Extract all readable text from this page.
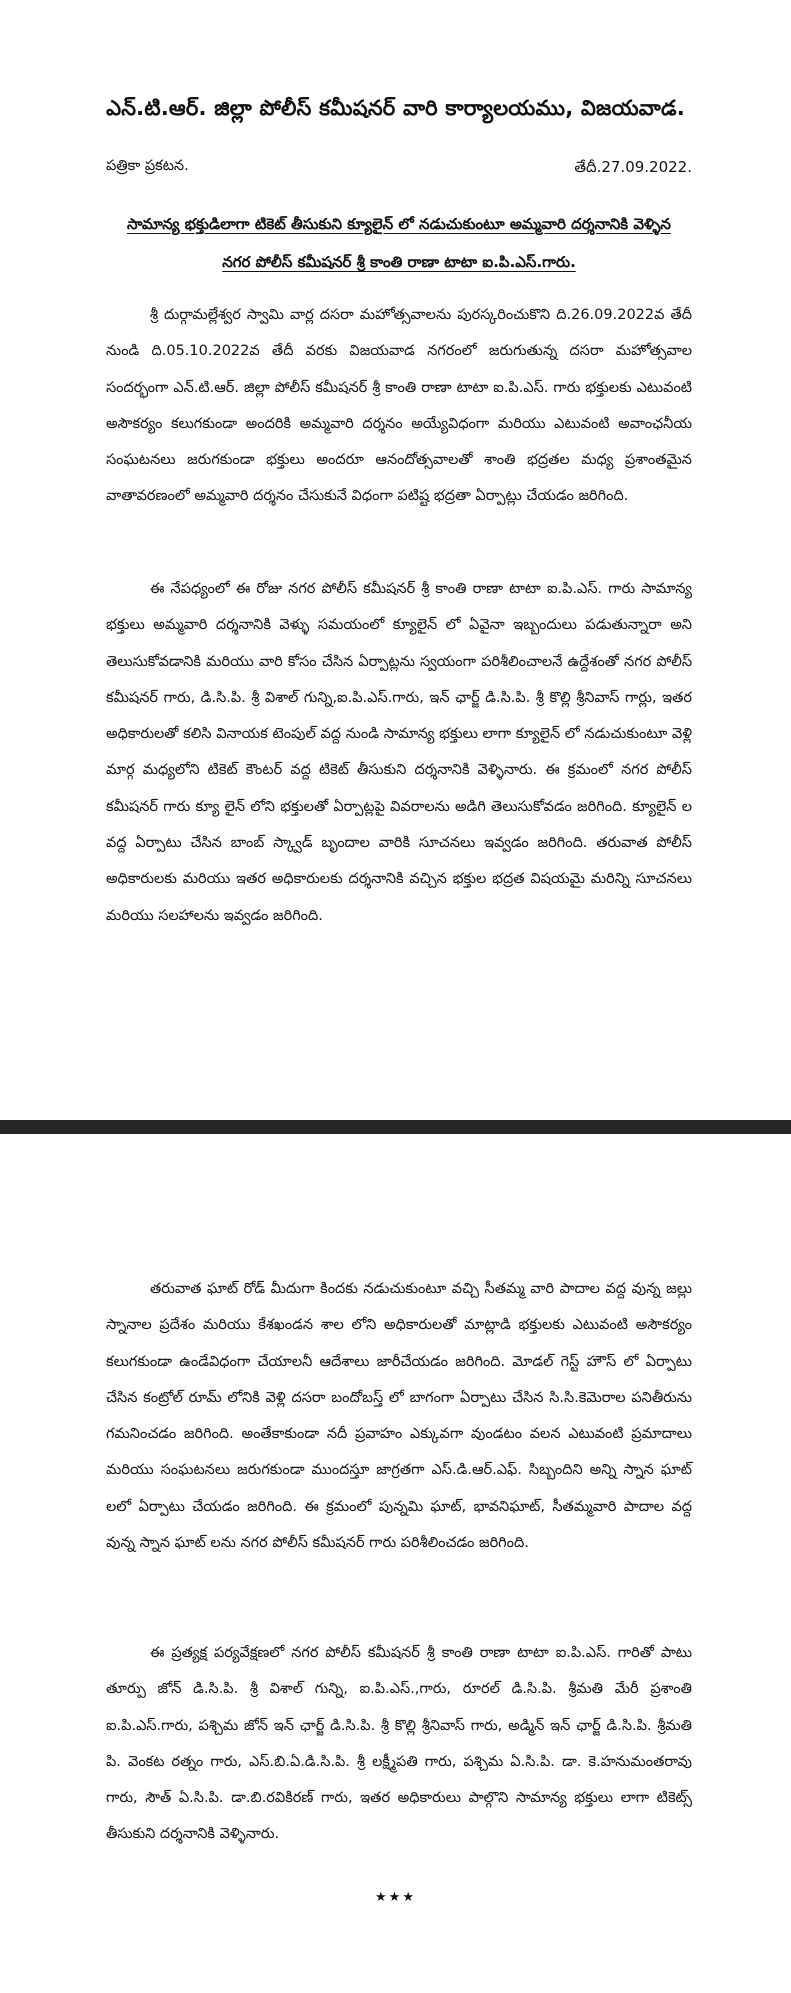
ఎన్.టి.ఆర్. జిల్లా పోలీస్ కమీషనర్ వారి కార్యాలయము, విజయవాడ.
పత్రికా ప్రకటన.	తేదీ.27.09.2022.
సామాన్య భక్తుడిలాగా టికెట్ తీసుకుని క్యూలైన్ లో నడుచుకుంటూ అమ్మవారి దర్శనానికి వెళ్ళిన
నగర పోలీస్ కమీషనర్ శ్రీ కాంతి రాణా టాటా ఐ.పి.ఎస్.గారు.

శ్రీ దుర్గామల్లేశ్వర స్వామి వార్ల దసరా మహోత్సవాలను పురస్కరించుకొని ది.26.09.2022వ తేదీ నుండి ది.05.10.2022వ తేదీ వరకు విజయవాడ నగరంలో జరుగుతున్న దసరా మహోత్సవాల సందర్భంగా ఎన్.టి.ఆర్. జిల్లా పోలీస్ కమీషనర్ శ్రీ కాంతి రాణా టాటా ఐ.పి.ఎస్. గారు భక్తులకు ఎటువంటి అసౌకర్యం కలుగకుండా అందరికి అమ్మవారి దర్శనం అయ్యేవిధంగా మరియు ఎటువంటి అవాంఛనీయ సంఘటనలు జరుగకుండా భక్తులు అందరూ ఆనందోత్సవాలతో శాంతి భద్రతల మధ్య ప్రశాంతమైన వాతావరణంలో అమ్మవారి దర్శనం చేసుకునే విధంగా పటిష్ట భద్రతా ఏర్పాట్లు చేయడం జరిగింది.

ఈ నేపధ్యంలో ఈ రోజు నగర పోలీస్ కమీషనర్ శ్రీ కాంతి రాణా టాటా ఐ.పి.ఎస్. గారు సామాన్య భక్తులు అమ్మవారి దర్శనానికి వెళ్ళు సమయంలో క్యూలైన్ లో ఏవైనా ఇబ్బందులు పడుతున్నారా అని తెలుసుకోవడానికి మరియు వారి కోసం చేసిన ఏర్పాట్లను స్వయంగా పరిశీలించాలనే ఉద్దేశంతో నగర పోలీస్ కమీషనర్ గారు, డి.సి.పి. శ్రీ విశాల్ గున్ని,ఐ.పి.ఎస్.గారు, ఇన్ ఛార్జ్ డి.సి.పి. శ్రీ కొల్లి శ్రీనివాస్ గార్లు, ఇతర అధికారులతో కలిసి వినాయక టెంపుల్ వద్ద నుండి సామాన్య భక్తులు లాగా క్యూలైన్ లో నడుచుకుంటూ వెళ్లి మార్గ మధ్యలోని టికెట్ కౌంటర్ వద్ద టికెట్ తీసుకుని దర్శనానికి వెళ్ళినారు. ఈ క్రమంలో నగర పోలీస్ కమీషనర్ గారు క్యూ లైన్ లోని భక్తులతో ఏర్పాట్లపై వివరాలను అడిగి తెలుసుకోవడం జరిగింది. క్యూలైన్ ల వద్ద ఏర్పాటు చేసిన బాంబ్ స్క్వాడ్ బృందాల వారికి సూచనలు ఇవ్వడం జరిగింది. తరువాత పోలీస్ అధికారులకు మరియు ఇతర అధికారులకు దర్శనానికి వచ్చిన భక్తుల భద్రత విషయమై మరిన్ని సూచనలు మరియు సలహాలను ఇవ్వడం జరిగింది.

తరువాత ఘాట్ రోడ్ మీదుగా కిందకు నడుచుకుంటూ వచ్చి సీతమ్మ వారి పాదాల వద్ద వున్న జల్లు స్నానాల ప్రదేశం మరియు కేశఖండన శాల లోని అధికారులతో మాట్లాడి భక్తులకు ఎటువంటి అసౌకర్యం కలుగకుండా ఉండేవిధంగా చేయాలనీ ఆదేశాలు జారీచేయడం జరిగింది. మోడల్ గెస్ట్ హౌస్ లో ఏర్పాటు చేసిన కంట్రోల్ రూమ్ లోనికి వెళ్లి దసరా బందోబస్త్ లో బాగంగా ఏర్పాటు చేసిన సి.సి.కెమెరాల పనితీరును గమనించడం జరిగింది. అంతేకాకుండా నదీ ప్రవాహం ఎక్కువగా వుండటం వలన ఎటువంటి ప్రమాదాలు మరియు సంఘటనలు జరుగకుండా ముందస్తూ జాగ్రతగా ఎస్.డి.ఆర్.ఎఫ్. సిబ్బందిని అన్ని స్నాన ఘాట్ లలో ఏర్పాటు చేయడం జరిగింది. ఈ క్రమంలో పున్నమి ఘాట్, భావనిఘాట్, సీతమ్మవారి పాదాల వద్ద వున్న స్నాన ఘాట్ లను నగర పోలీస్ కమీషనర్ గారు పరిశీలించడం జరిగింది.

ఈ ప్రత్యక్ష పర్యవేక్షణలో నగర పోలీస్ కమీషనర్ శ్రీ కాంతి రాణా టాటా ఐ.పి.ఎస్. గారితో పాటు తూర్పు జోన్ డి.సి.పి. శ్రీ విశాల్ గున్ని, ఐ.పి.ఎస్.,గారు, రూరల్ డి.సి.పి. శ్రీమతి మేరీ ప్రశాంతి ఐ.పి.ఎస్.గారు, పశ్చిమ జోన్ ఇన్ ఛార్జ్ డి.సి.పి. శ్రీ కొల్లి శ్రీనివాస్ గారు, అడ్మిన్ ఇన్ ఛార్జ్ డి.సి.పి. శ్రీమతి పి. వెంకట రత్నం గారు, ఎస్.బి.ఏ.డి.సి.పి. శ్రీ లక్ష్మీపతి గారు, పశ్చిమ ఏ.సి.పి. డా. కె.హనుమంతరావు గారు, సౌత్ ఏ.సి.పి. డా.బి.రవికిరణ్ గారు, ఇతర అధికారులు పాల్గొని సామాన్య భక్తులు లాగా టికెట్స్ తీసుకుని దర్శనానికి వెళ్ళినారు.

★★★
